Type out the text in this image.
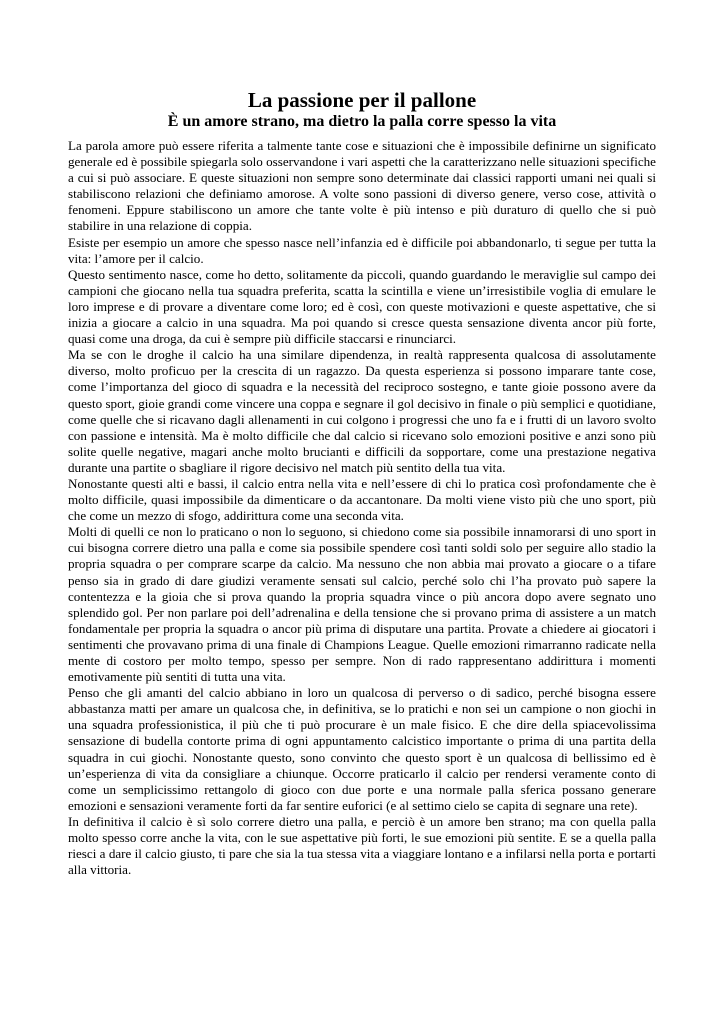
La passione per il pallone
È un amore strano, ma dietro la palla corre spesso la vita

La parola amore può essere riferita a talmente tante cose e situazioni che è impossibile definirne un significato generale ed è possibile spiegarla solo osservandone i vari aspetti che la caratterizzano nelle situazioni specifiche a cui si può associare. E queste situazioni non sempre sono determinate dai classici rapporti umani nei quali si stabiliscono relazioni che definiamo amorose. A volte sono passioni di diverso genere, verso cose, attività o fenomeni. Eppure stabiliscono un amore che tante volte è più intenso e più duraturo di quello che si può stabilire in una relazione di coppia.

Esiste per esempio un amore che spesso nasce nell’infanzia ed è difficile poi abbandonarlo, ti segue per tutta la vita: l’amore per il calcio.

Questo sentimento nasce, come ho detto, solitamente da piccoli, quando guardando le meraviglie sul campo dei campioni che giocano nella tua squadra preferita, scatta la scintilla e viene un’irresistibile voglia di emulare le loro imprese e di provare a diventare come loro; ed è così, con queste motivazioni e queste aspettative, che si inizia a giocare a calcio in una squadra. Ma poi quando si cresce questa sensazione diventa ancor più forte, quasi come una droga, da cui è sempre più difficile staccarsi e rinunciarci.

Ma se con le droghe il calcio ha una similare dipendenza, in realtà rappresenta qualcosa di assolutamente diverso, molto proficuo per la crescita di un ragazzo. Da questa esperienza si possono imparare tante cose, come l’importanza del gioco di squadra e la necessità del reciproco sostegno, e tante gioie possono avere da questo sport, gioie grandi come vincere una coppa e segnare il gol decisivo in finale o più semplici e quotidiane, come quelle che si ricavano dagli allenamenti in cui colgono i progressi che uno fa e i frutti di un lavoro svolto con passione e intensità. Ma è molto difficile che dal calcio si ricevano solo emozioni positive e anzi sono più solite quelle negative, magari anche molto brucianti e difficili da sopportare, come una prestazione negativa durante una partite o sbagliare il rigore decisivo nel match più sentito della tua vita.

Nonostante questi alti e bassi, il calcio entra nella vita e nell’essere di chi lo pratica così profondamente che è molto difficile, quasi impossibile da dimenticare o da accantonare. Da molti viene visto più che uno sport, più che come un mezzo di sfogo, addirittura come una seconda vita.

Molti di quelli ce non lo praticano o non lo seguono, si chiedono come sia possibile innamorarsi di uno sport in cui bisogna correre dietro una palla e come sia possibile spendere così tanti soldi solo per seguire allo stadio la propria squadra o per comprare scarpe da calcio. Ma nessuno che non abbia mai provato a giocare o a tifare penso sia in grado di dare giudizi veramente sensati sul calcio, perché solo chi l’ha provato può sapere la contentezza e la gioia che si prova quando la propria squadra vince o più ancora dopo avere segnato uno splendido gol. Per non parlare poi dell’adrenalina e della tensione che si provano prima di assistere a un match fondamentale per propria la squadra o ancor più prima di disputare una partita. Provate a chiedere ai giocatori i sentimenti che provavano prima di una finale di Champions League. Quelle emozioni rimarranno radicate nella mente di costoro per molto tempo, spesso per sempre. Non di rado rappresentano addirittura i momenti emotivamente più sentiti di tutta una vita.

Penso che gli amanti del calcio abbiano in loro un qualcosa di perverso o di sadico, perché bisogna essere abbastanza matti per amare un qualcosa che, in definitiva, se lo pratichi e non sei un campione o non giochi in una squadra professionistica, il più che ti può procurare è un male fisico. E che dire della spiacevolissima sensazione di budella contorte prima di ogni appuntamento calcistico importante o prima di una partita della squadra in cui giochi. Nonostante questo, sono convinto che questo sport è un qualcosa di bellissimo ed è un’esperienza di vita da consigliare a chiunque. Occorre praticarlo il calcio per rendersi veramente conto di come un semplicissimo rettangolo di gioco con due porte e una normale palla sferica possano generare emozioni e sensazioni veramente forti da far sentire euforici (e al settimo cielo se capita di segnare una rete).

In definitiva il calcio è sì solo correre dietro una palla, e perciò è un amore ben strano; ma con quella palla molto spesso corre anche la vita, con le sue aspettative più forti, le sue emozioni più sentite. E se a quella palla riesci a dare il calcio giusto, ti pare che sia la tua stessa vita a viaggiare lontano e a infilarsi nella porta e portarti alla vittoria.
